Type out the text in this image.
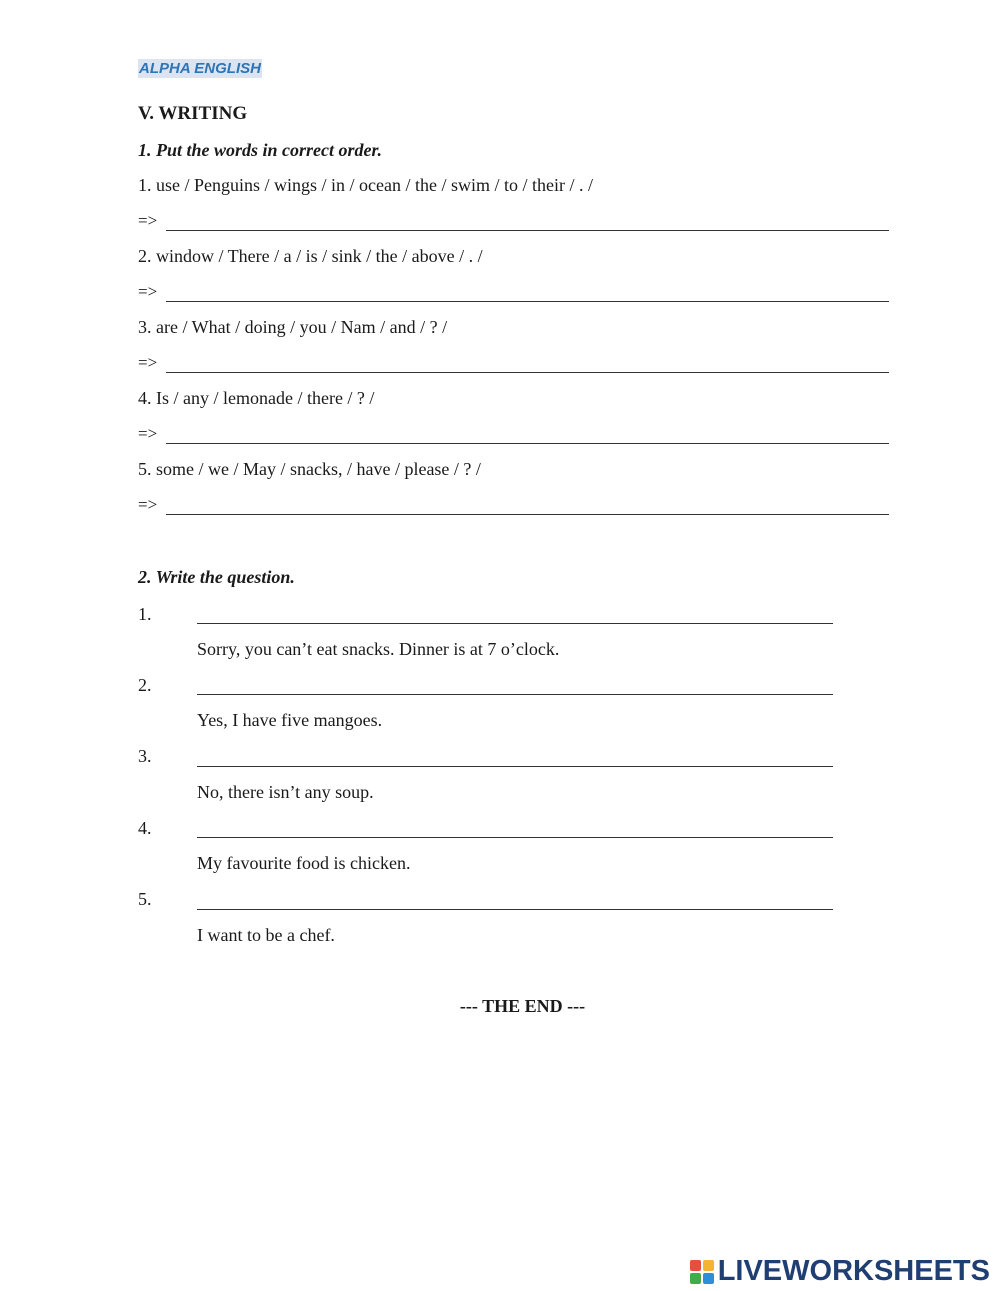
ALPHA ENGLISH
V. WRITING
1. Put the words in correct order.
1. use / Penguins / wings / in / ocean / the / swim / to / their / . /
=>
2. window / There / a / is / sink / the / above / . /
=>
3. are / What / doing / you / Nam / and / ? /
=>
4. Is / any / lemonade / there / ? /
=>
5. some / we / May / snacks, / have / please / ? /
=>
2. Write the question.
1.
Sorry, you can’t eat snacks. Dinner is at 7 o’clock.
2.
Yes, I have five mangoes.
3.
No, there isn’t any soup.
4.
My favourite food is chicken.
5.
I want to be a chef.
--- THE END ---
LIVEWORKSHEETS
